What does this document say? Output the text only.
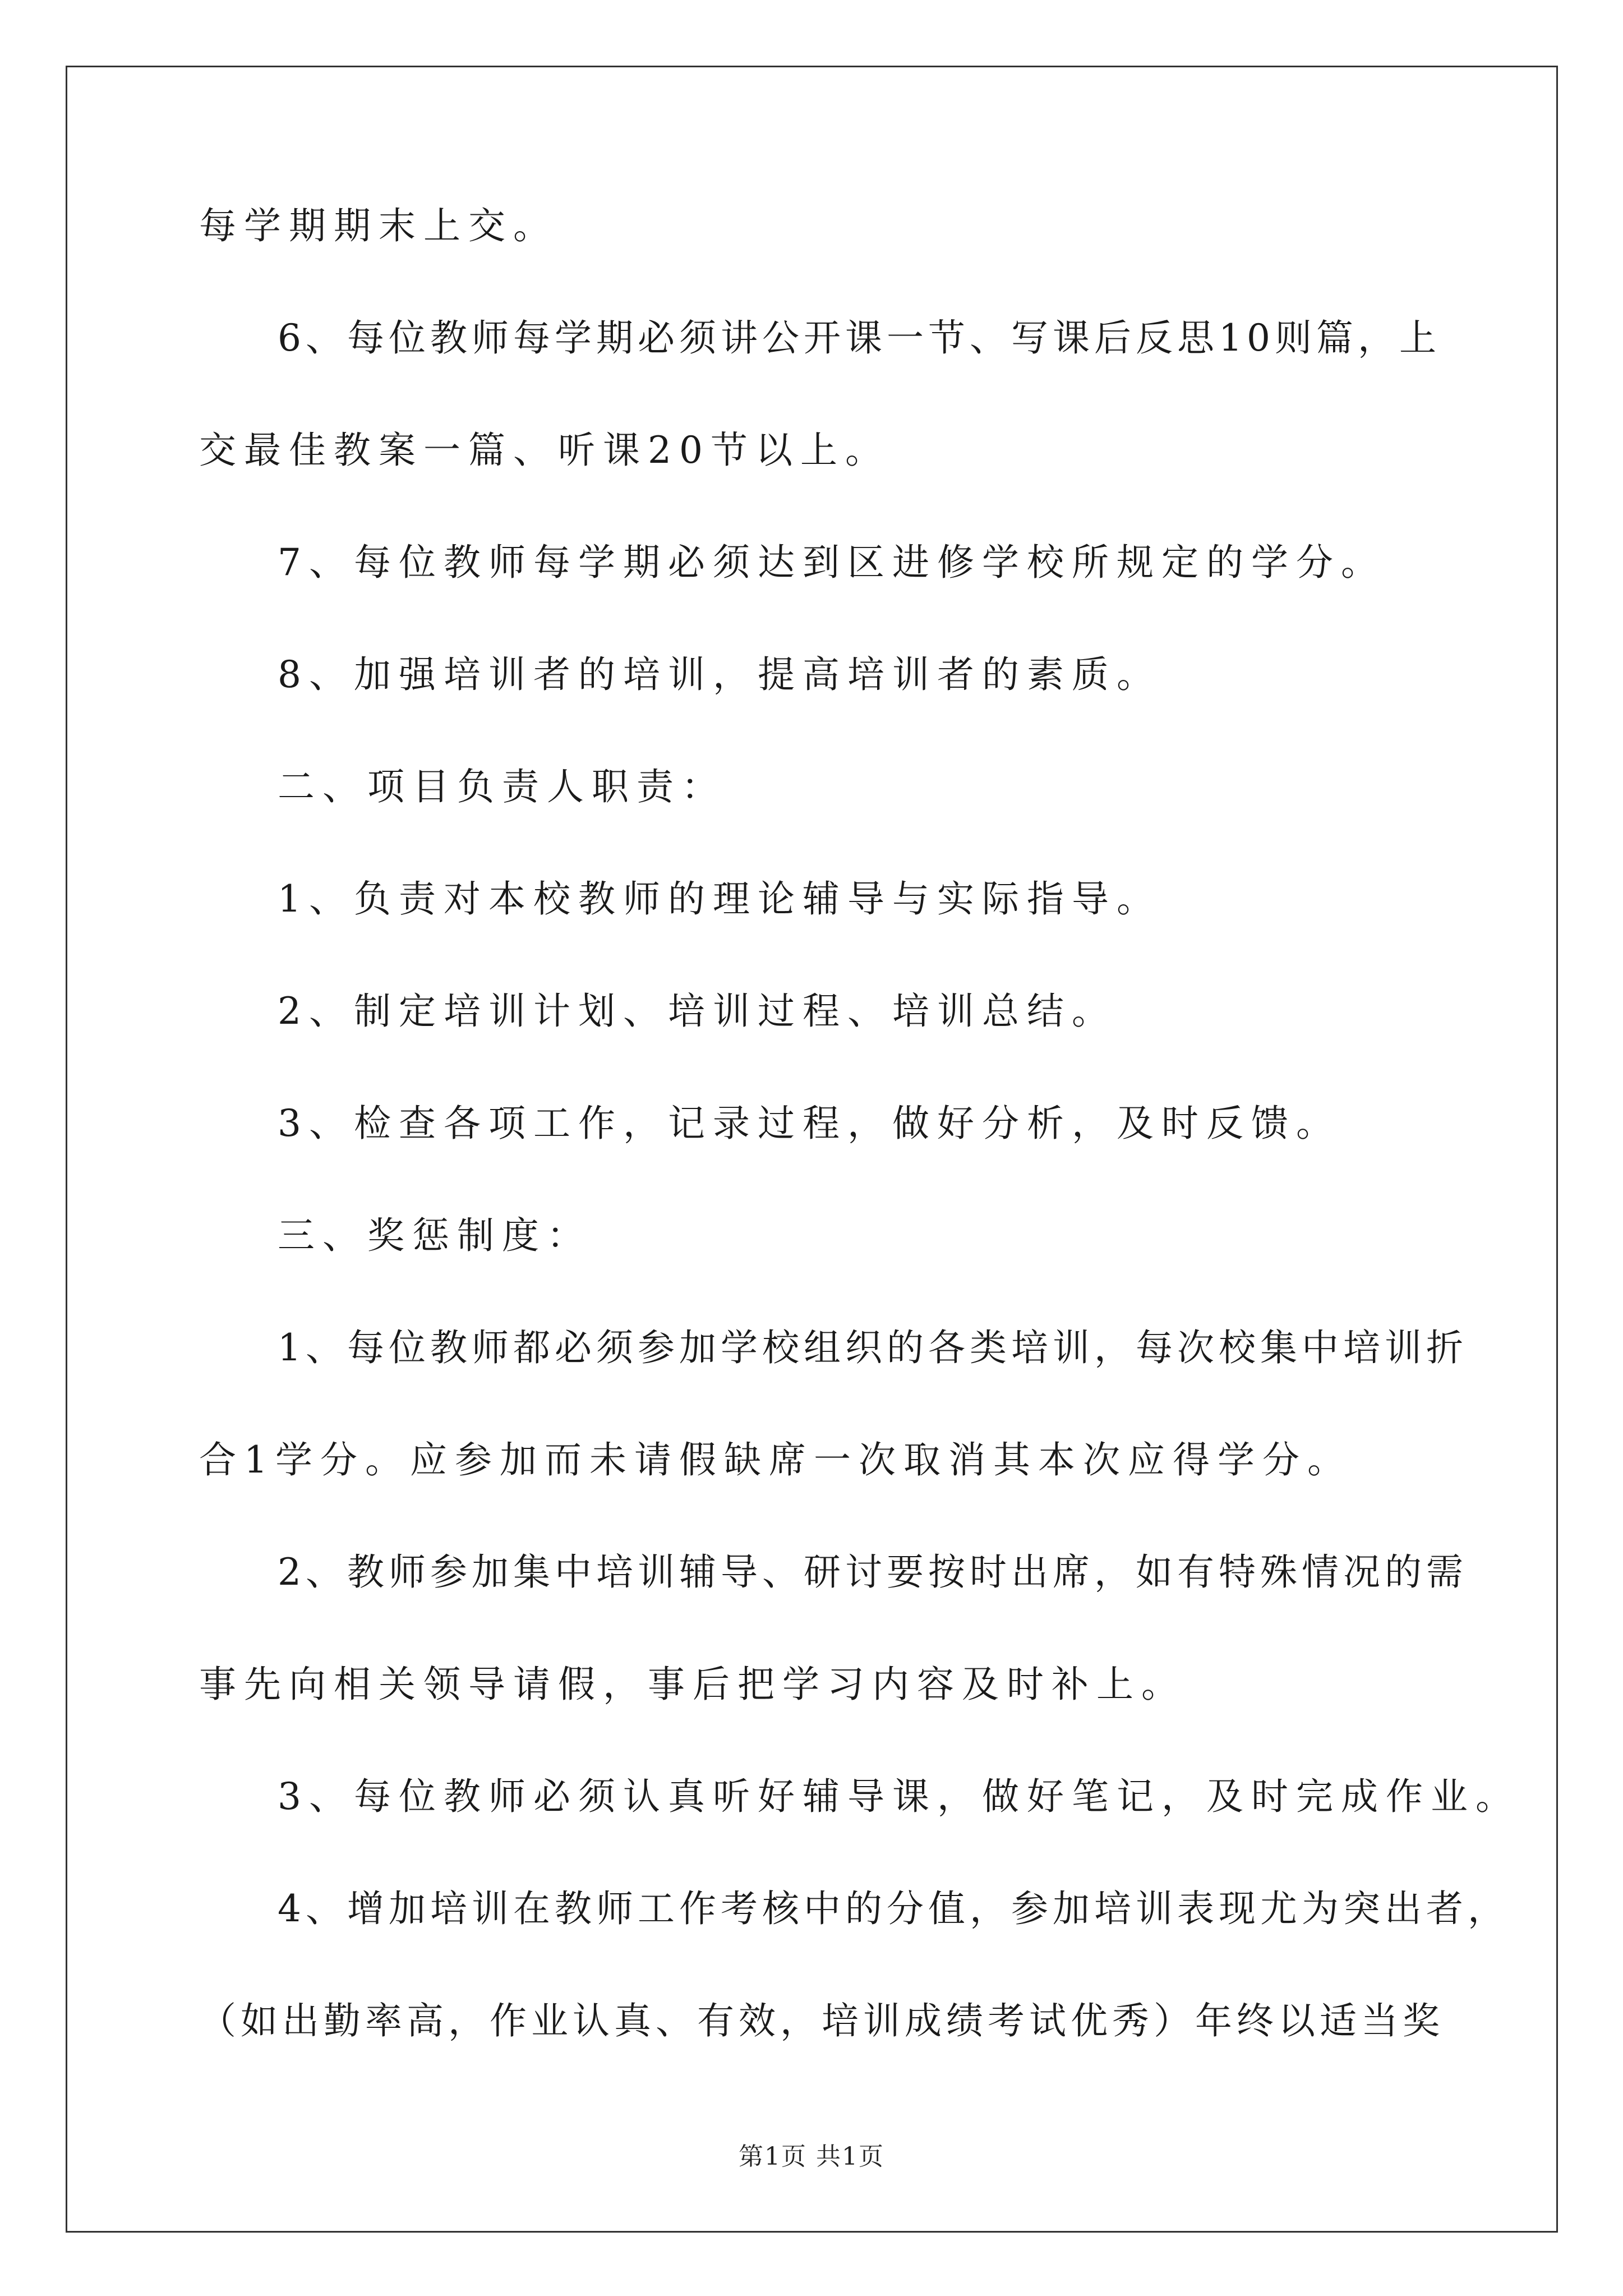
每学期期末上交。
6、每位教师每学期必须讲公开课一节、写课后反思10则篇，上
交最佳教案一篇、听课20节以上。
7、每位教师每学期必须达到区进修学校所规定的学分。
8、加强培训者的培训，提高培训者的素质。
二、项目负责人职责：
1、负责对本校教师的理论辅导与实际指导。
2、制定培训计划、培训过程、培训总结。
3、检查各项工作，记录过程，做好分析，及时反馈。
三、奖惩制度：
1、每位教师都必须参加学校组织的各类培训，每次校集中培训折
合1学分。应参加而未请假缺席一次取消其本次应得学分。
2、教师参加集中培训辅导、研讨要按时出席，如有特殊情况的需
事先向相关领导请假，事后把学习内容及时补上。
3、每位教师必须认真听好辅导课，做好笔记，及时完成作业。
4、增加培训在教师工作考核中的分值，参加培训表现尤为突出者，
（如出勤率高，作业认真、有效，培训成绩考试优秀）年终以适当奖
第1页 共1页
